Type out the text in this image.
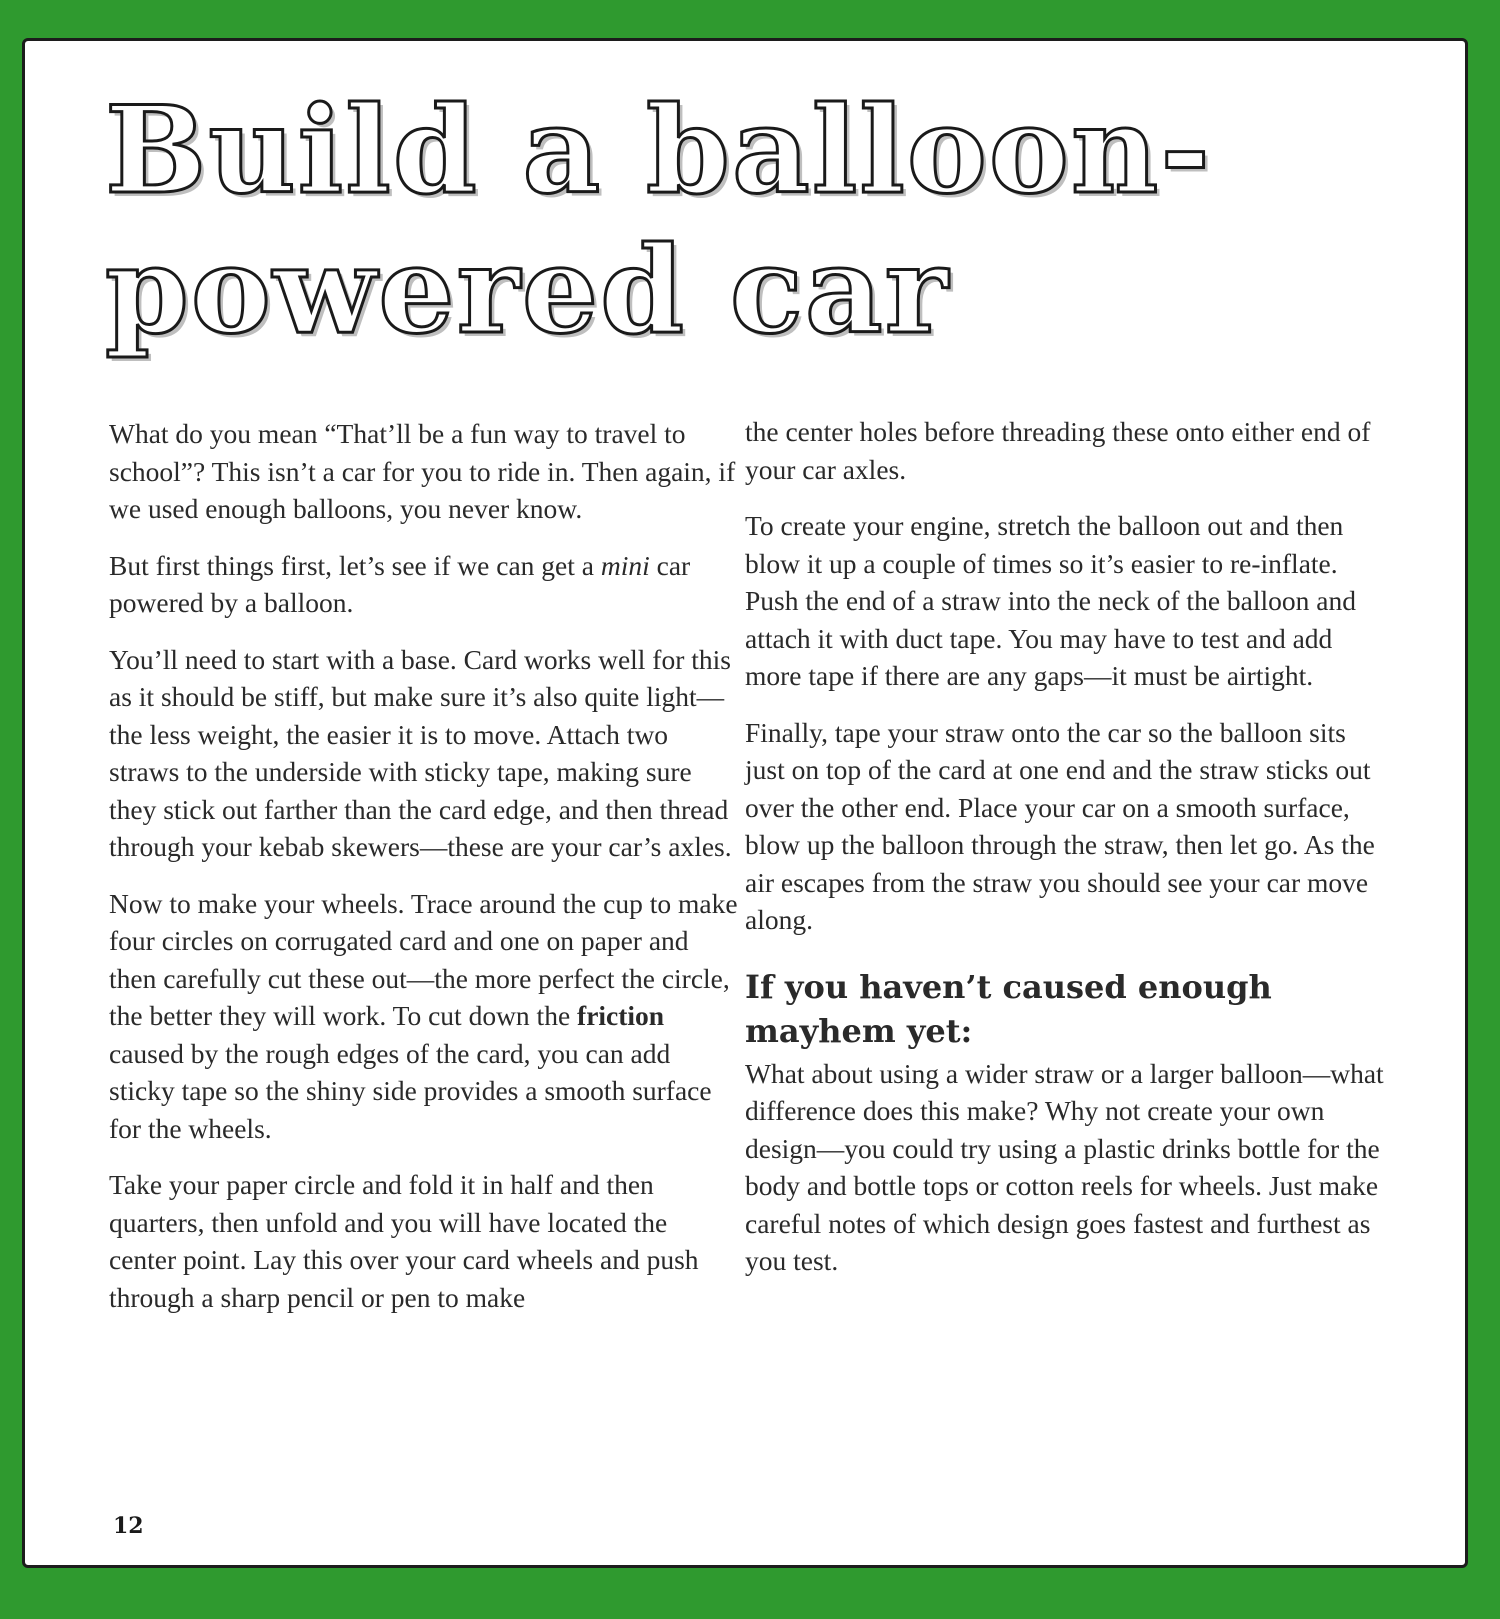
Build a balloon-
powered car

What do you mean “That’ll be a fun way to travel to school”? This isn’t a car for you to ride in. Then again, if we used enough balloons, you never know.

But first things first, let’s see if we can get a mini car powered by a balloon.

You’ll need to start with a base. Card works well for this as it should be stiff, but make sure it’s also quite light—the less weight, the easier it is to move. Attach two straws to the underside with sticky tape, making sure they stick out farther than the card edge, and then thread through your kebab skewers—these are your car’s axles.

Now to make your wheels. Trace around the cup to make four circles on corrugated card and one on paper and then carefully cut these out—the more perfect the circle, the better they will work. To cut down the friction caused by the rough edges of the card, you can add sticky tape so the shiny side provides a smooth surface for the wheels.

Take your paper circle and fold it in half and then quarters, then unfold and you will have located the center point. Lay this over your card wheels and push through a sharp pencil or pen to make

the center holes before threading these onto either end of your car axles.

To create your engine, stretch the balloon out and then blow it up a couple of times so it’s easier to re-inflate. Push the end of a straw into the neck of the balloon and attach it with duct tape. You may have to test and add more tape if there are any gaps—it must be airtight.

Finally, tape your straw onto the car so the balloon sits just on top of the card at one end and the straw sticks out over the other end. Place your car on a smooth surface, blow up the balloon through the straw, then let go. As the air escapes from the straw you should see your car move along.

If you haven’t caused enough mayhem yet:

What about using a wider straw or a larger balloon—what difference does this make? Why not create your own design—you could try using a plastic drinks bottle for the body and bottle tops or cotton reels for wheels. Just make careful notes of which design goes fastest and furthest as you test.

12
